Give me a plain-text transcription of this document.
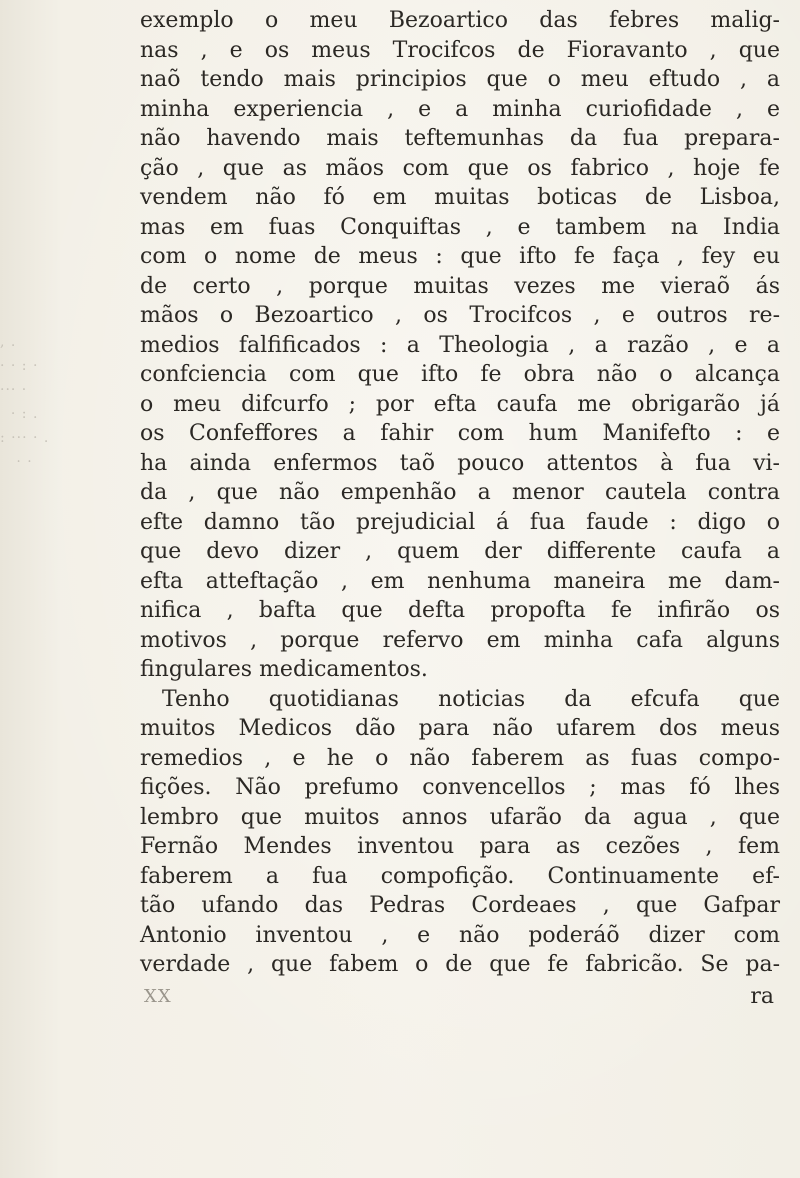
, .
· · : ·
··· ·
· : .
: ··· · .
· ·
exemplo o meu Bezoartico das febres malig-
nas , e os meus Trocifcos de Fioravanto , que
naõ tendo mais principios que o meu eftudo , a
minha experiencia , e a minha curiofidade , e
não havendo mais teftemunhas da fua prepara-
ção , que as mãos com que os fabrico , hoje fe
vendem não fó em muitas boticas de Lisboa,
mas em fuas Conquiftas , e tambem na India
com o nome de meus : que ifto fe faça , fey eu
de certo , porque muitas vezes me vieraõ ás
mãos o Bezoartico , os Trocifcos , e outros re-
medios falfificados : a Theologia , a razão , e a
confciencia com que ifto fe obra não o alcança
o meu difcurfo ; por efta caufa me obrigarão já
os Confeffores a fahir com hum Manifefto : e
ha ainda enfermos taõ pouco attentos à fua vi-
da , que não empenhão a menor cautela contra
efte damno tão prejudicial á fua faude : digo o
que devo dizer , quem der differente caufa a
efta atteftação , em nenhuma maneira me dam-
nifica , bafta que defta propofta fe infirão os
motivos , porque refervo em minha cafa alguns
fingulares medicamentos.
Tenho quotidianas noticias da efcufa que
muitos Medicos dão para não ufarem dos meus
remedios , e he o não faberem as fuas compo-
fições. Não prefumo convencellos ; mas fó lhes
lembro que muitos annos ufarão da agua , que
Fernão Mendes inventou para as cezões , fem
faberem a fua compofição. Continuamente ef-
tão ufando das Pedras Cordeaes , que Gafpar
Antonio inventou , e não poderáõ dizer com
verdade , que fabem o de que fe fabricão. Se pa-
XX	ra
